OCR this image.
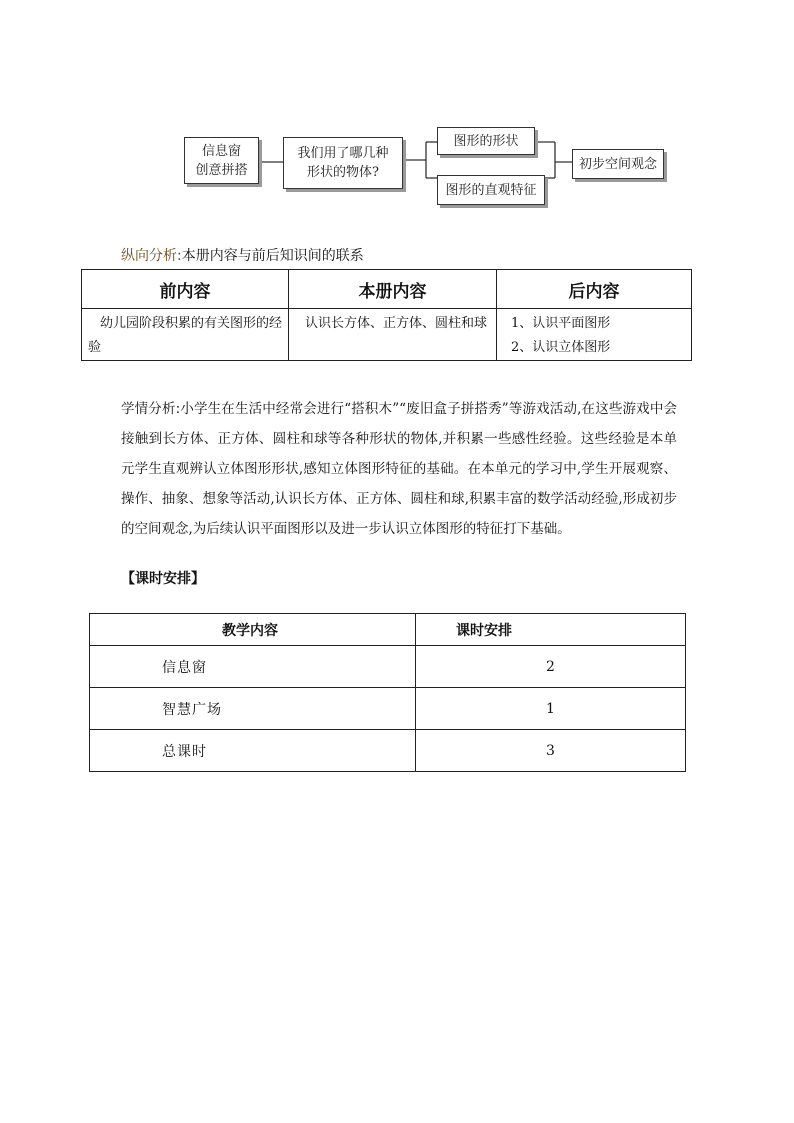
信息窗
创意拼搭
我们用了哪几种
形状的物体?
图形的形状
图形的直观特征
初步空间观念
纵向分析:本册内容与前后知识间的联系
前内容	本册内容	后内容
幼儿园阶段积累的有关图形的经验	认识长方体、正方体、圆柱和球	1、认识平面图形
2、认识立体图形
学情分析:小学生在生活中经常会进行“搭积木”“废旧盒子拼搭秀”等游戏活动,在这些游戏中会接触到长方体、正方体、圆柱和球等各种形状的物体,并积累一些感性经验。这些经验是本单元学生直观辨认立体图形形状,感知立体图形特征的基础。在本单元的学习中,学生开展观察、操作、抽象、想象等活动,认识长方体、正方体、圆柱和球,积累丰富的数学活动经验,形成初步的空间观念,为后续认识平面图形以及进一步认识立体图形的特征打下基础。
【课时安排】
教学内容	课时安排
信息窗	2
智慧广场	1
总课时	3
